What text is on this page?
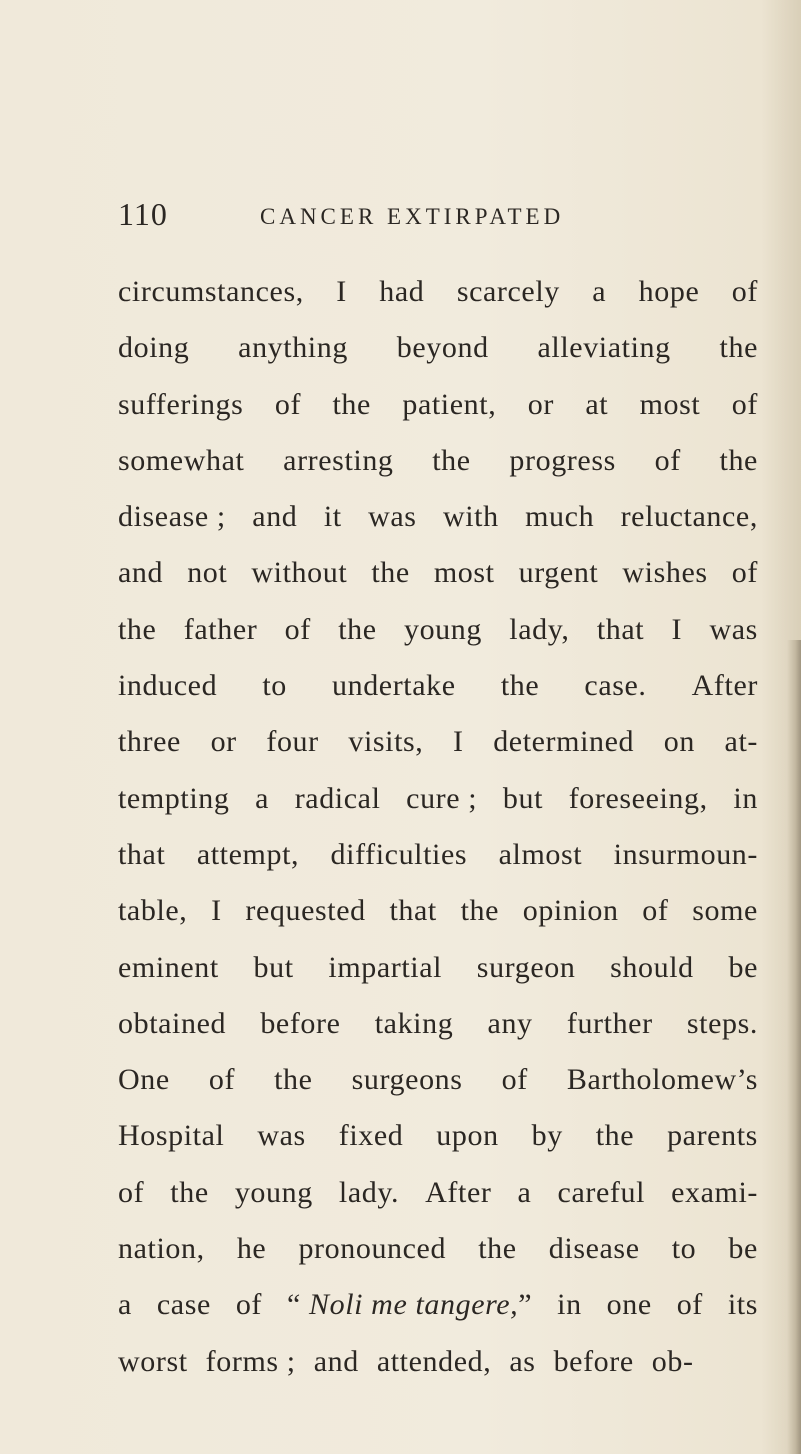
110	CANCER EXTIRPATED
circumstances, I had scarcely a hope of
doing anything beyond alleviating the
sufferings of the patient, or at most of
somewhat arresting the progress of the
disease ; and it was with much reluctance,
and not without the most urgent wishes of
the father of the young lady, that I was
induced to undertake the case. After
three or four visits, I determined on at-
tempting a radical cure ; but foreseeing, in
that attempt, difficulties almost insurmoun-
table, I requested that the opinion of some
eminent but impartial surgeon should be
obtained before taking any further steps.
One of the surgeons of Bartholomew’s
Hospital was fixed upon by the parents
of the young lady. After a careful exami-
nation, he pronounced the disease to be
a case of “ Noli me tangere,” in one of its
worst forms ; and attended, as before ob-
